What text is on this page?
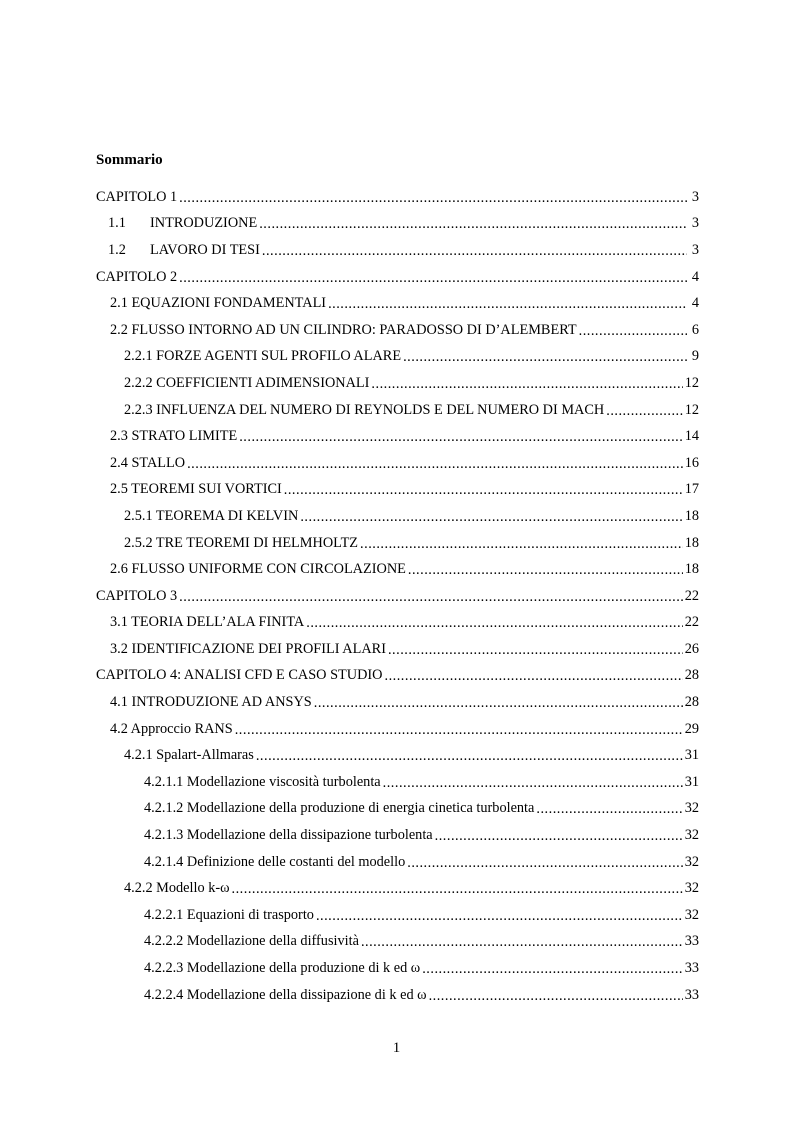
Sommario
CAPITOLO 1 .....	3
1.1	INTRODUZIONE .....	3
1.2	LAVORO DI TESI .....	3
CAPITOLO 2 .....	4
2.1 EQUAZIONI FONDAMENTALI .....	4
2.2 FLUSSO INTORNO AD UN CILINDRO: PARADOSSO DI D’ALEMBERT .....	6
2.2.1 FORZE AGENTI SUL PROFILO ALARE .....	9
2.2.2 COEFFICIENTI ADIMENSIONALI .....	12
2.2.3 INFLUENZA DEL NUMERO DI REYNOLDS E DEL NUMERO DI MACH .....	12
2.3 STRATO LIMITE .....	14
2.4 STALLO .....	16
2.5 TEOREMI SUI VORTICI .....	17
2.5.1 TEOREMA DI KELVIN .....	18
2.5.2 TRE TEOREMI DI HELMHOLTZ .....	18
2.6 FLUSSO UNIFORME CON CIRCOLAZIONE .....	18
CAPITOLO 3 .....	22
3.1 TEORIA DELL’ALA FINITA .....	22
3.2 IDENTIFICAZIONE DEI PROFILI ALARI .....	26
CAPITOLO 4: ANALISI CFD E CASO STUDIO .....	28
4.1 INTRODUZIONE AD ANSYS .....	28
4.2 Approccio RANS .....	29
4.2.1 Spalart-Allmaras .....	31
4.2.1.1 Modellazione viscosità turbolenta .....	31
4.2.1.2 Modellazione della produzione di energia cinetica turbolenta .....	32
4.2.1.3 Modellazione della dissipazione turbolenta .....	32
4.2.1.4 Definizione delle costanti del modello .....	32
4.2.2 Modello k-ω .....	32
4.2.2.1 Equazioni di trasporto .....	32
4.2.2.2 Modellazione della diffusività .....	33
4.2.2.3 Modellazione della produzione di k ed ω .....	33
4.2.2.4 Modellazione della dissipazione di k ed ω .....	33
1
